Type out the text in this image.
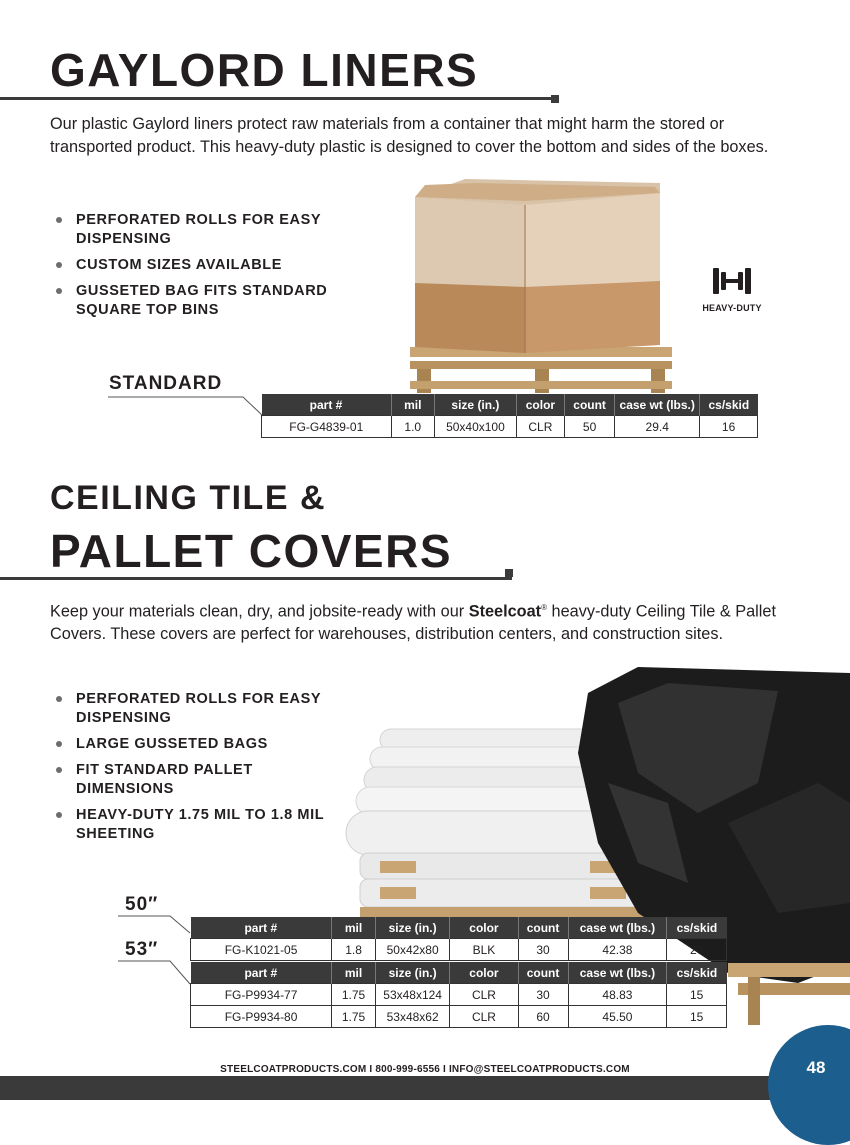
GAYLORD LINERS

Our plastic Gaylord liners protect raw materials from a container that might harm the stored or transported product. This heavy-duty plastic is designed to cover the bottom and sides of the boxes.

PERFORATED ROLLS FOR EASY DISPENSING
CUSTOM SIZES AVAILABLE
GUSSETED BAG FITS STANDARD SQUARE TOP BINS	HEAVY-DUTY
STANDARD
part #	mil	size (in.)	color	count	case wt (lbs.)	cs/skid
FG-G4839-01	1.0	50x40x100	CLR	50	29.4	16
CEILING TILE &
PALLET COVERS

Keep your materials clean, dry, and jobsite-ready with our Steelcoat® heavy-duty Ceiling Tile & Pallet Covers. These covers are perfect for warehouses, distribution centers, and construction sites.

PERFORATED ROLLS FOR EASY DISPENSING
LARGE GUSSETED BAGS
FIT STANDARD PALLET DIMENSIONS
HEAVY-DUTY 1.75 MIL TO 1.8 MIL SHEETING
50″
53″
part #	mil	size (in.)	color	count	case wt (lbs.)	cs/skid
FG-K1021-05	1.8	50x42x80	BLK	30	42.38	20
part #	mil	size (in.)	color	count	case wt (lbs.)	cs/skid
FG-P9934-77	1.75	53x48x124	CLR	30	48.83	15
FG-P9934-80	1.75	53x48x62	CLR	60	45.50	15
STEELCOATPRODUCTS.COM I 800-999-6556 I INFO@STEELCOATPRODUCTS.COM	48
